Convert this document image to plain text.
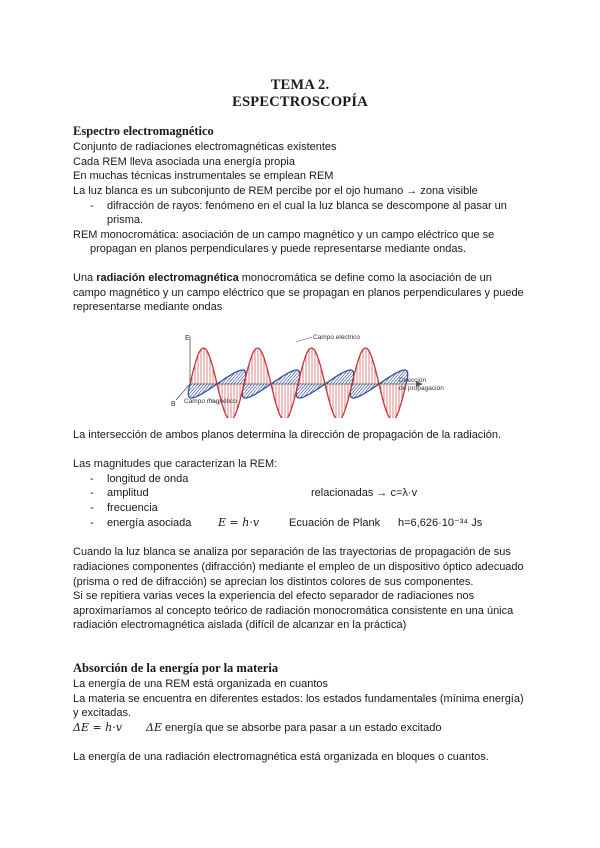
TEMA 2.
ESPECTROSCOPÍA
Espectro electromagnético
Conjunto de radiaciones electromagnéticas existentes
Cada REM lleva asociada una energía propia
En muchas técnicas instrumentales se emplean REM
La luz blanca es un subconjunto de REM percibe por el ojo humano → zona visible
- difracción de rayos: fenómeno en el cual la luz blanca se descompone al pasar un
prisma.
REM monocromática: asociación de un campo magnético y un campo eléctrico que se
propagan en planos perpendiculares y puede representarse mediante ondas.
Una radiación electromagnética monocromática se define como la asociación de un
campo magnético y un campo eléctrico que se propagan en planos perpendiculares y puede
representarse mediante ondas
E
B
Campo eléctrico
Campo magnético
Dirección
de propagación
La intersección de ambos planos determina la dirección de propagación de la radiación.
Las magnitudes que caracterizan la REM:
- longitud de onda
- amplitud	relacionadas → c=λ·v
- frecuencia
- energía asociada E = h·v	Ecuación de Plank h=6,626·10⁻³⁴ Js
Cuando la luz blanca se analiza por separación de las trayectorias de propagación de sus
radiaciones componentes (difracción) mediante el empleo de un dispositivo óptico adecuado
(prisma o red de difracción) se aprecian los distintos colores de sus componentes.
Si se repitiera varias veces la experiencia del efecto separador de radiaciones nos
aproximaríamos al concepto teórico de radiación monocromática consistente en una única
radiación electromagnética aislada (difícil de alcanzar en la práctica)
Absorción de la energía por la materia
La energía de una REM está organizada en cuantos
La materia se encuentra en diferentes estados: los estados fundamentales (mínima energía)
y excitadas.
ΔE = h·v ΔE energía que se absorbe para pasar a un estado excitado
La energía de una radiación electromagnética está organizada en bloques o cuantos.
